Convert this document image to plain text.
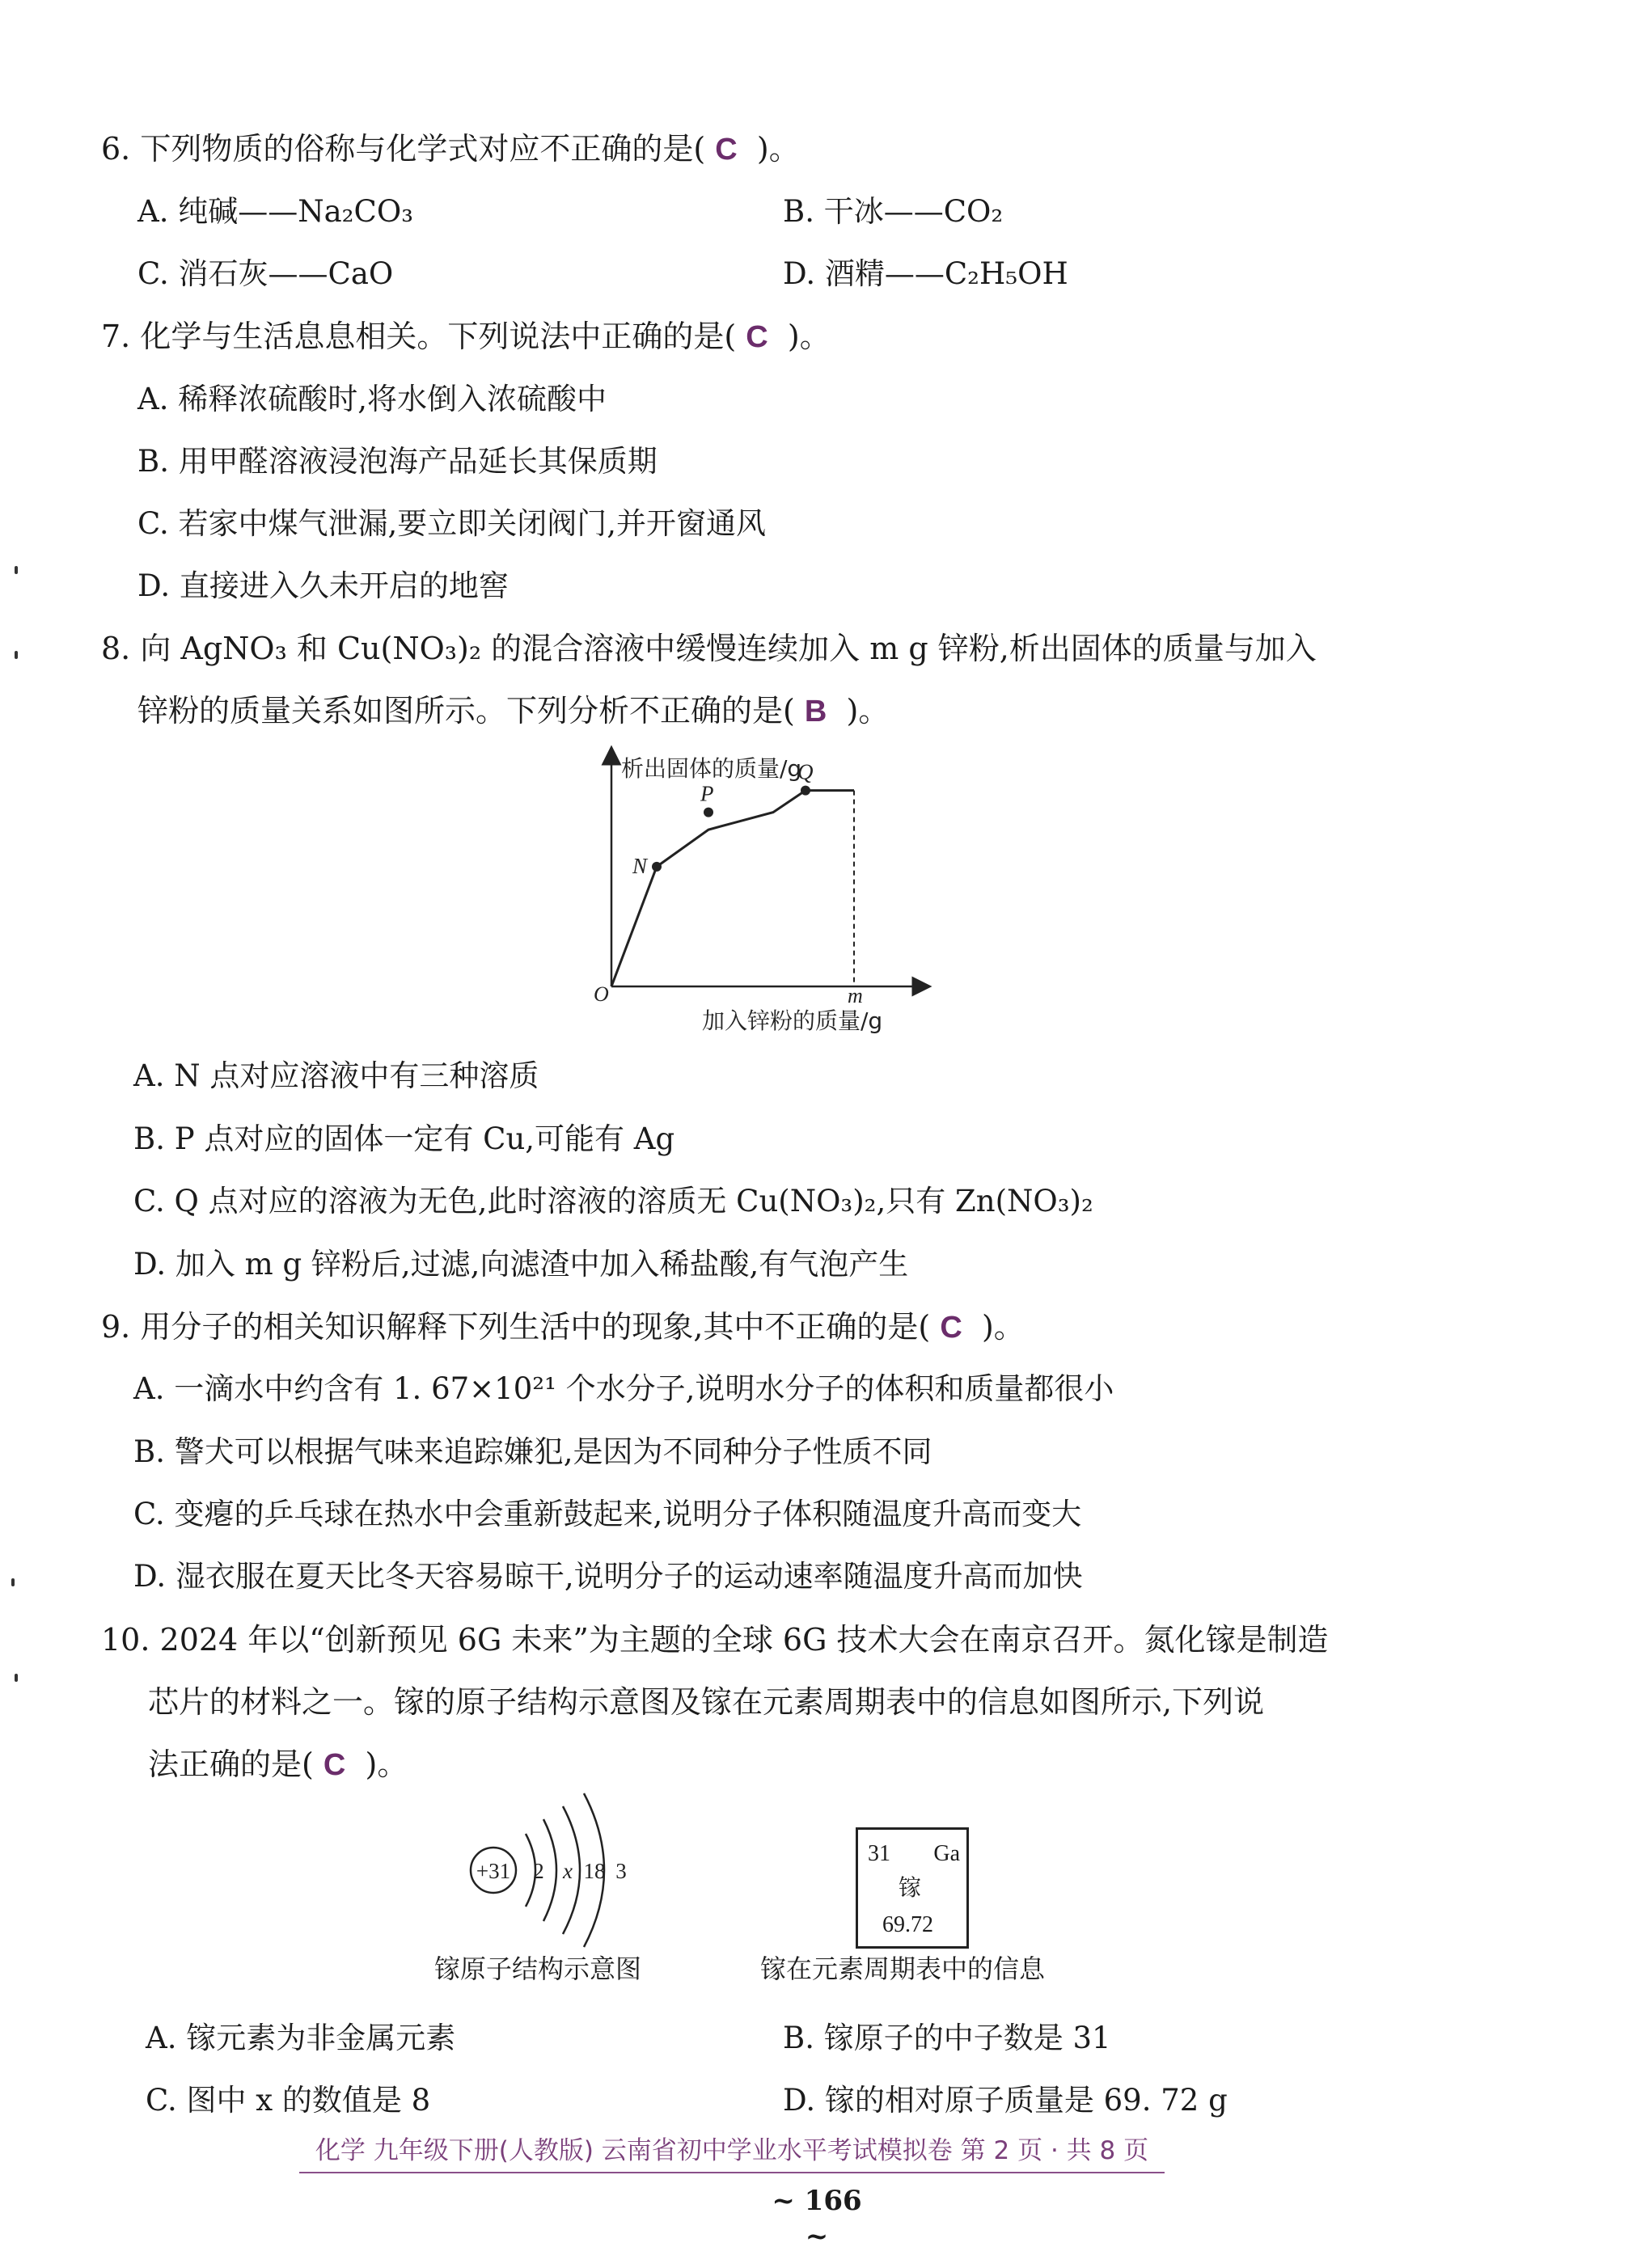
6. 下列物质的俗称与化学式对应不正确的是( C )。
A. 纯碱——Na₂CO₃	B. 干冰——CO₂
C. 消石灰——CaO	D. 酒精——C₂H₅OH
7. 化学与生活息息相关。下列说法中正确的是( C )。
A. 稀释浓硫酸时,将水倒入浓硫酸中
B. 用甲醛溶液浸泡海产品延长其保质期
C. 若家中煤气泄漏,要立即关闭阀门,并开窗通风
D. 直接进入久未开启的地窖
8. 向 AgNO₃ 和 Cu(NO₃)₂ 的混合溶液中缓慢连续加入 m g 锌粉,析出固体的质量与加入
锌粉的质量关系如图所示。下列分析不正确的是( B )。
析出固体的质量/g
加入锌粉的质量/g
O	m
N
P
Q
A. N 点对应溶液中有三种溶质
B. P 点对应的固体一定有 Cu,可能有 Ag
C. Q 点对应的溶液为无色,此时溶液的溶质无 Cu(NO₃)₂,只有 Zn(NO₃)₂
D. 加入 m g 锌粉后,过滤,向滤渣中加入稀盐酸,有气泡产生
9. 用分子的相关知识解释下列生活中的现象,其中不正确的是( C )。
A. 一滴水中约含有 1. 67×10²¹ 个水分子,说明水分子的体积和质量都很小
B. 警犬可以根据气味来追踪嫌犯,是因为不同种分子性质不同
C. 变瘪的乒乓球在热水中会重新鼓起来,说明分子体积随温度升高而变大
D. 湿衣服在夏天比冬天容易晾干,说明分子的运动速率随温度升高而加快
10. 2024 年以“创新预见 6G 未来”为主题的全球 6G 技术大会在南京召开。氮化镓是制造
芯片的材料之一。镓的原子结构示意图及镓在元素周期表中的信息如图所示,下列说
法正确的是( C )。
+31 2 x 18 3
镓原子结构示意图
31 Ga
镓
69.72
镓在元素周期表中的信息
A. 镓元素为非金属元素	B. 镓原子的中子数是 31
C. 图中 x 的数值是 8	D. 镓的相对原子质量是 69. 72 g
化学 九年级下册(人教版) 云南省初中学业水平考试模拟卷 第 2 页 · 共 8 页
~ 166 ~
